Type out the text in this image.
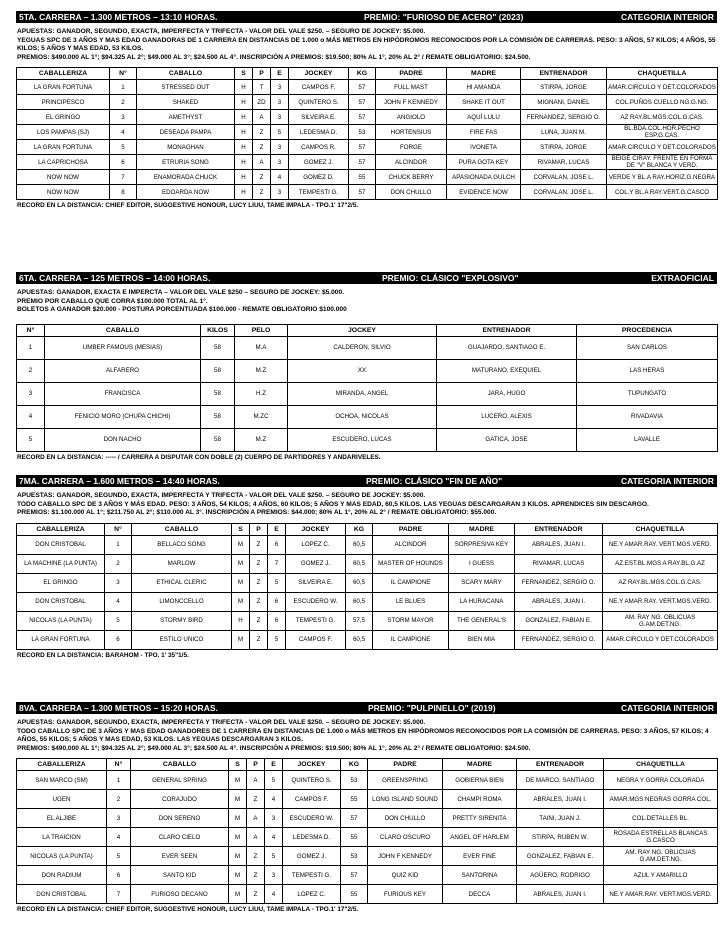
5TA. CARRERA – 1.300 METROS – 13:10 HORAS.	PREMIO: "FURIOSO DE ACERO" (2023)	CATEGORIA INTERIOR
APUESTAS: GANADOR, SEGUNDO, EXACTA, IMPERFECTA Y TRIFECTA - VALOR DEL VALE $250. – SEGURO DE JOCKEY: $5.000.
YEGUAS SPC DE 3 AÑOS Y MAS EDAD GANADORAS DE 1 CARRERA EN DISTANCIAS DE 1.000 o MÁS METROS EN HIPÓDROMOS RECONOCIDOS POR LA COMISIÓN DE CARRERAS. PESO: 3 AÑOS, 57 KILOS; 4 AÑOS, 55 KILOS; 5 AÑOS Y MAS EDAD, 53 KILOS.
PREMIOS: $490.000 AL 1°; $94.325 AL 2°; $49.000 AL 3°; $24.500 AL 4°. INSCRIPCIÓN A PREMIOS: $19.500; 80% AL 1°, 20% AL 2° / REMATE OBLIGATORIO: $24.500.
CABALLERIZA	N°	CABALLO	S	P	E	JOCKEY	KG	PADRE	MADRE	ENTRENADOR	CHAQUETILLA
LA GRAN FORTUNA	1	STRESSED OUT	H	T	3	CAMPOS F.	57	FULL MAST	HI AMANDA	STIRPA, JORGE	AMAR.CIRCULO Y DET.COLORADOS
PRINCIPESCO	2	SHAKED	H	ZD	3	QUINTERO S.	57	JOHN F KENNEDY	SHAKE IT OUT	MIGNANI, DANIEL	COL.PUÑOS CUELLO NG.G.NG.
EL GRINGO	3	AMETHYST	H	A	3	SILVEIRA E.	57	ANGIOLO	AQUÍ LULU	FERNANDEZ, SERGIO O.	AZ RAY.BL.MGS.COL.G.CAS.
LOS PAMPAS (SJ)	4	DESEADA PAMPA	H	Z	5	LEDESMA D.	53	HORTENSIUS	FIRE FAS	LUNA, JUAN M.	BL.BDA.COL.HOR.PECHO ESP.G.CAS.
LA GRAN FORTUNA	5	MONAGHAN	H	Z	3	CAMPOS R.	57	FORGE	IVONETA	STIRPA, JORGE	AMAR.CIRCULO Y DET.COLORADOS
LA CAPRICHOSA	6	ETRURIA SONG	H	A	3	GOMEZ J.	57	ALCINDOR	PURA GOTA KEY	RIVAMAR, LUCAS	BEIGE CIRAY. FRENTE EN FORMA DE "V" BLANCA Y VERD.
NOW NOW	7	ENAMORADA CHUCK	H	Z	4	GOMEZ D.	55	CHUCK BERRY	APASIONADA GULCH	CORVALAN, JOSE L.	VERDE Y BL.A RAY.HORIZ.G.NEGRA
NOW NOW	8	EDOARDA NOW	H	Z	3	TEMPESTI G.	57	DON CHULLO	EVIDENCE NOW	CORVALAN, JOSE L.	COL.Y BL.A RAY.VERT.G.CASCO
RECORD EN LA DISTANCIA: CHIEF EDITOR, SUGGESTIVE HONOUR, LUCY LIUU, TAME IMPALA - TPO.1' 17"2/5.
6TA. CARRERA – 125 METROS – 14:00 HORAS.	PREMIO: CLÁSICO "EXPLOSIVO"	EXTRAOFICIAL
APUESTAS: GANADOR, EXACTA E IMPERCTA – VALOR DEL VALE $250 – SEGURO DE JOCKEY: $5.000.
PREMIO POR CABALLO QUE CORRA $100.000 TOTAL AL 1°.
BOLETOS A GANADOR $20.000 - POSTURA PORCENTUADA $100.000 - REMATE OBLIGATORIO $100.000
N°	CABALLO	KILOS	PELO	JOCKEY	ENTRENADOR	PROCEDENCIA
1	UMBER FAMOUS (MESIAS)	58	M.A	CALDERON, SILVIO	GUAJARDO, SANTIAGO E.	SAN CARLOS
2	ALFARERO	58	M.Z	XX	MATURANO, EXEQUIEL	LAS HERAS
3	FRANCISCA	58	H.Z	MIRANDA, ANGEL	JARA, HUGO	TUPUNGATO
4	FENICIO MORO (CHUPA CHICHI)	58	M.ZC	OCHOA, NICOLAS	LUCERO, ALEXIS	RIVADAVIA
5	DON NACHO	58	M.Z	ESCUDERO, LUCAS	GATICA, JOSE	LAVALLE
RECORD EN LA DISTANCIA: ----- / CARRERA A DISPUTAR CON DOBLE (2) CUERPO DE PARTIDORES Y ANDARIVELES.
7MA. CARRERA – 1.600 METROS – 14:40 HORAS.	PREMIO: CLÁSICO "FIN DE AÑO"	CATEGORIA INTERIOR
APUESTAS: GANADOR, SEGUNDO, EXACTA, IMPERFECTA Y TRIFECTA - VALOR DEL VALE $250. – SEGURO DE JOCKEY: $5.000.
TODO CABALLO SPC DE 3 AÑOS Y MÁS EDAD. PESO: 3 AÑOS, 54 KILOS; 4 AÑOS, 60 KILOS; 5 AÑOS Y MAS EDAD, 60,5 KILOS. LAS YEGUAS DESCARGARAN 3 KILOS. APRENDICES SIN DESCARGO.
PREMIOS: $1.100.000 AL 1°; $211.750 AL 2°; $110.000 AL 3°. INSCRIPCIÓN A PREMIOS: $44.000; 80% AL 1°, 20% AL 2° / REMATE OBLIGATORIO: $55.000.
CABALLERIZA	N°	CABALLO	S	P	E	JOCKEY	KG	PADRE	MADRE	ENTRENADOR	CHAQUETILLA
DON CRISTOBAL	1	BELLACO SONG	M	Z	6	LOPEZ C.	60,5	ALCINDOR	SORPRESIVA KEY	ABRALES, JUAN I.	NE.Y AMAR.RAY. VERT.MGS.VERD.
LA MACHINE (LA PUNTA)	2	MARLOW	M	Z	7	GOMEZ J.	60,5	MASTER OF HOUNDS	I GUESS	RIVAMAR, LUCAS	AZ.EST.BL.MGS A RAY.BL.G.AZ
EL GRINGO	3	ETHICAL CLERIC	M	Z	5	SILVEIRA E.	60,5	IL CAMPIONE	SCARY MARY	FERNANDEZ, SERGIO O.	AZ RAY.BL.MGS.COL.G.CAS.
DON CRISTOBAL	4	LIMONCCELLO	M	Z	6	ESCUDERO W.	60,5	LE BLUES	LA HURACANA	ABRALES, JUAN I.	NE.Y AMAR.RAY. VERT.MGS.VERD.
NICOLAS (LA PUNTA)	5	STORMY BIRD	H	Z	6	TEMPESTI G.	57,5	STORM MAYOR	THE GENERAL'S	GONZALEZ, FABIAN E.	AM. RAY NG. OBLICUAS G.AM.DET.NG.
LA GRAN FORTUNA	6	ESTILO UNICO	M	Z	5	CAMPOS F.	60,5	IL CAMPIONE	BIEN MIA	FERNANDEZ, SERGIO O.	AMAR.CIRCULO Y DET.COLORADOS
RECORD EN LA DISTANCIA: BARAHOM - TPO. 1' 35"1/5.
8VA. CARRERA – 1.300 METROS – 15:20 HORAS.	PREMIO: "PULPINELLO" (2019)	CATEGORIA INTERIOR
APUESTAS: GANADOR, SEGUNDO, EXACTA, IMPERFECTA Y TRIFECTA - VALOR DEL VALE $250. – SEGURO DE JOCKEY: $5.000.
TODO CABALLO SPC DE 3 AÑOS Y MAS EDAD GANADORES DE 1 CARRERA EN DISTANCIAS DE 1.000 o MÁS METROS EN HIPÓDROMOS RECONOCIDOS POR LA COMISIÓN DE CARRERAS. PESO: 3 AÑOS, 57 KILOS; 4 AÑOS, 55 KILOS; 5 AÑOS Y MAS EDAD, 53 KILOS. LAS YEGUAS DESCARGARAN 3 KILOS.
PREMIOS: $490.000 AL 1°; $94.325 AL 2°; $49.000 AL 3°; $24.500 AL 4°. INSCRIPCIÓN A PREMIOS: $19.500; 80% AL 1°, 20% AL 2° / REMATE OBLIGATORIO: $24.500.
CABALLERIZA	N°	CABALLO	S	P	E	JOCKEY	KG	PADRE	MADRE	ENTRENADOR	CHAQUETILLA
SAN MARCO (SM)	1	GENERAL SPRING	M	A	5	QUINTERO S.	53	GREENSPRING	GOBIERNA BIEN	DE MARCO, SANTIAGO	NEGRA Y GORRA COLORADA
UGEN	2	CORAJUDO	M	Z	4	CAMPOS F.	55	LONG ISLAND SOUND	CHAMPI ROMA	ABRALES, JUAN I.	AMAR.MGS NEGRAS GORRA COL.
EL ALJIBE	3	DON SERENO	M	A	3	ESCUDERO W.	57	DON CHULLO	PRETTY SIRENITA	TAINI, JUAN J.	COL.DETALLES BL.
LA TRAICION	4	CLARO CIELO	M	A	4	LEDESMA D.	55	CLARO OSCURO	ANGEL OF HARLEM	STIRPA, RUBEN W.	ROSADA ESTRELLAS BLANCAS G.CASCO
NICOLAS (LA PUNTA)	5	EVER SEEN	M	Z	5	GOMEZ J.	53	JOHN F KENNEDY	EVER FINE	GONZALEZ, FABIAN E.	AM. RAY NG. OBLICUAS G.AM.DET.NG.
DON RADIUM	6	SANTO KID	M	Z	3	TEMPESTI G.	57	QUIZ KID	SANTORINA	AGÜERO, RODRIGO	AZUL Y AMARILLO
DON CRISTOBAL	7	FURIOSO DECANO	M	Z	4	LOPEZ C.	55	FURIOUS KEY	DECCA	ABRALES, JUAN I.	NE.Y AMAR.RAY. VERT.MGS.VERD.
RECORD EN LA DISTANCIA: CHIEF EDITOR, SUGGESTIVE HONOUR, LUCY LIUU, TAME IMPALA - TPO.1' 17"2/5.
